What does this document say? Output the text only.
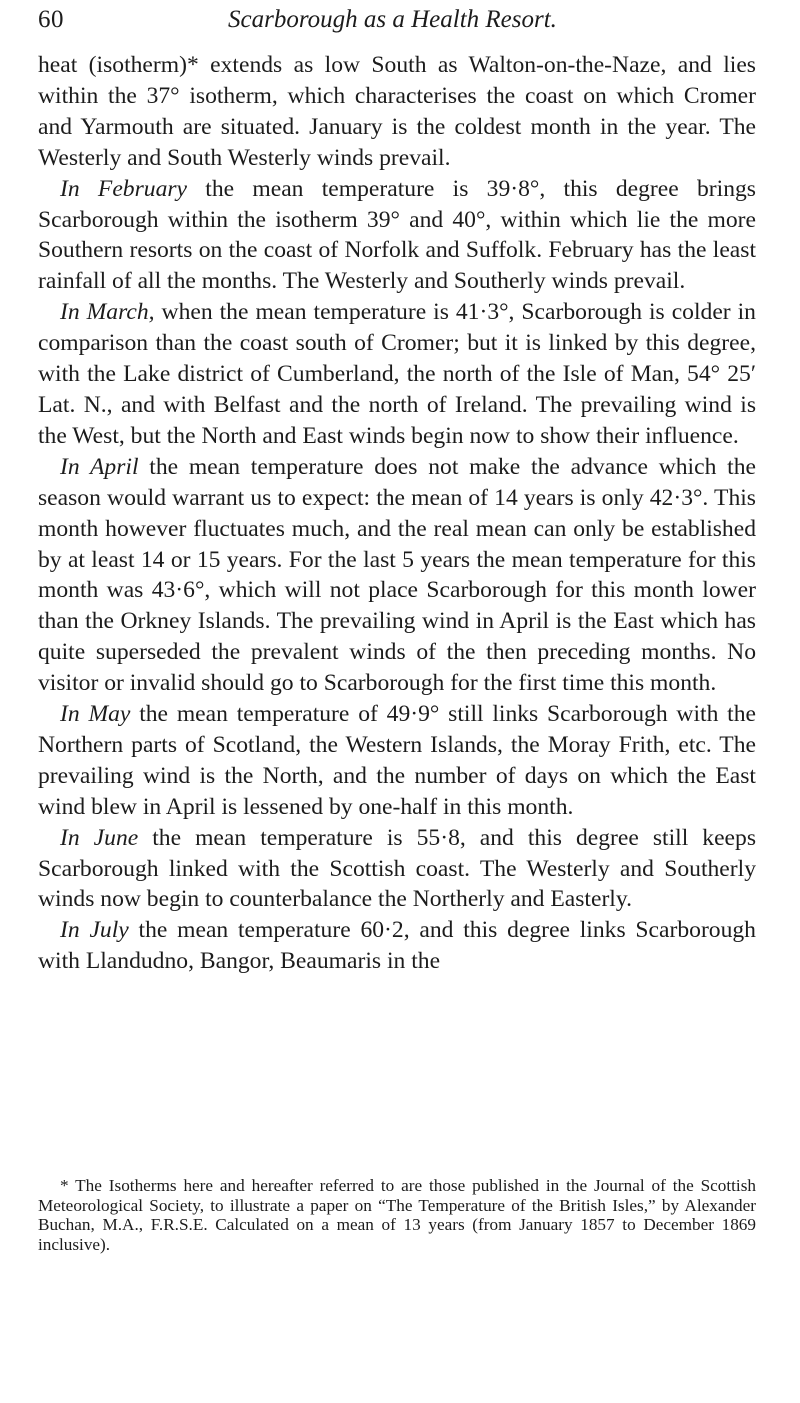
60	Scarborough as a Health Resort.

heat (isotherm)* extends as low South as Walton-on-the-Naze, and lies within the 37° isotherm, which characterises the coast on which Cromer and Yarmouth are situated. January is the coldest month in the year. The Westerly and South Westerly winds prevail.

In February the mean temperature is 39·8°, this degree brings Scarborough within the isotherm 39° and 40°, within which lie the more Southern resorts on the coast of Norfolk and Suffolk. February has the least rainfall of all the months. The Westerly and Southerly winds prevail.

In March, when the mean temperature is 41·3°, Scarborough is colder in comparison than the coast south of Cromer; but it is linked by this degree, with the Lake district of Cumberland, the north of the Isle of Man, 54° 25′ Lat. N., and with Belfast and the north of Ireland. The prevailing wind is the West, but the North and East winds begin now to show their influence.

In April the mean temperature does not make the advance which the season would warrant us to expect: the mean of 14 years is only 42·3°. This month however fluctuates much, and the real mean can only be established by at least 14 or 15 years. For the last 5 years the mean temperature for this month was 43·6°, which will not place Scarborough for this month lower than the Orkney Islands. The prevailing wind in April is the East which has quite superseded the prevalent winds of the then preceding months. No visitor or invalid should go to Scarborough for the first time this month.

In May the mean temperature of 49·9° still links Scarborough with the Northern parts of Scotland, the Western Islands, the Moray Frith, etc. The prevailing wind is the North, and the number of days on which the East wind blew in April is lessened by one-half in this month.

In June the mean temperature is 55·8, and this degree still keeps Scarborough linked with the Scottish coast. The Westerly and Southerly winds now begin to counterbalance the Northerly and Easterly.

In July the mean temperature 60·2, and this degree links Scarborough with Llandudno, Bangor, Beaumaris in the

* The Isotherms here and hereafter referred to are those published in the Journal of the Scottish Meteorological Society, to illustrate a paper on “The Temperature of the British Isles,” by Alexander Buchan, M.A., F.R.S.E. Calculated on a mean of 13 years (from January 1857 to December 1869 inclusive).
